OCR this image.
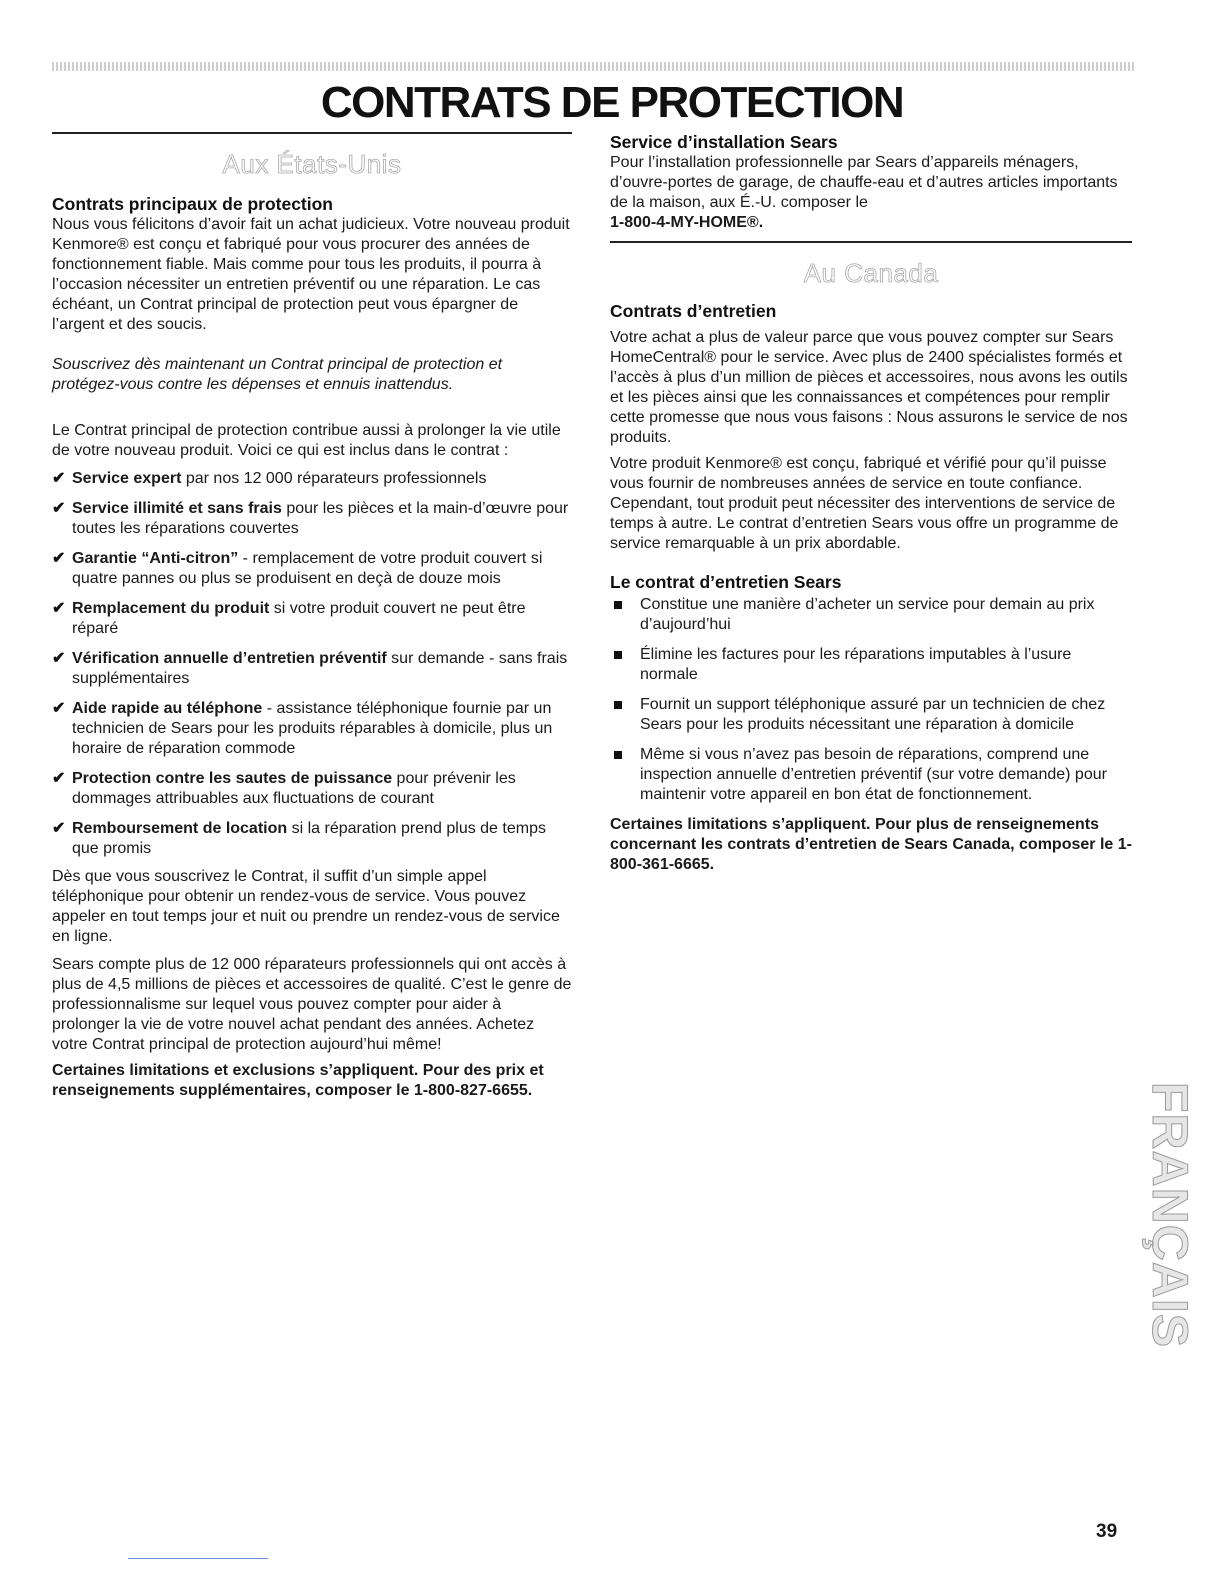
CONTRATS DE PROTECTION

Aux États-Unis

Contrats principaux de protection

Nous vous félicitons d’avoir fait un achat judicieux. Votre nouveau produit Kenmore® est conçu et fabriqué pour vous procurer des années de fonctionnement fiable. Mais comme pour tous les produits, il pourra à l’occasion nécessiter un entretien préventif ou une réparation. Le cas échéant, un Contrat principal de protection peut vous épargner de l’argent et des soucis.

Souscrivez dès maintenant un Contrat principal de protection et protégez-vous contre les dépenses et ennuis inattendus.

Le Contrat principal de protection contribue aussi à prolonger la vie utile de votre nouveau produit. Voici ce qui est inclus dans le contrat :

✔ Service expert par nos 12 000 réparateurs professionnels
✔ Service illimité et sans frais pour les pièces et la main-d’œuvre pour toutes les réparations couvertes
✔ Garantie “Anti-citron” - remplacement de votre produit couvert si quatre pannes ou plus se produisent en deçà de douze mois
✔ Remplacement du produit si votre produit couvert ne peut être réparé
✔ Vérification annuelle d’entretien préventif sur demande - sans frais supplémentaires
✔ Aide rapide au téléphone - assistance téléphonique fournie par un technicien de Sears pour les produits réparables à domicile, plus un horaire de réparation commode
✔ Protection contre les sautes de puissance pour prévenir les dommages attribuables aux fluctuations de courant
✔ Remboursement de location si la réparation prend plus de temps que promis

Dès que vous souscrivez le Contrat, il suffit d’un simple appel téléphonique pour obtenir un rendez-vous de service. Vous pouvez appeler en tout temps jour et nuit ou prendre un rendez-vous de service en ligne.

Sears compte plus de 12 000 réparateurs professionnels qui ont accès à plus de 4,5 millions de pièces et accessoires de qualité. C’est le genre de professionnalisme sur lequel vous pouvez compter pour aider à prolonger la vie de votre nouvel achat pendant des années. Achetez votre Contrat principal de protection aujourd’hui même!

Certaines limitations et exclusions s’appliquent. Pour des prix et renseignements supplémentaires, composer le 1-800-827-6655.

Service d’installation Sears

Pour l’installation professionnelle par Sears d’appareils ménagers, d’ouvre-portes de garage, de chauffe-eau et d’autres articles importants de la maison, aux É.-U. composer le

1-800-4-MY-HOME®.

Au Canada

Contrats d’entretien

Votre achat a plus de valeur parce que vous pouvez compter sur Sears HomeCentral® pour le service. Avec plus de 2400 spécialistes formés et l’accès à plus d’un million de pièces et accessoires, nous avons les outils et les pièces ainsi que les connaissances et compétences pour remplir cette promesse que nous vous faisons : Nous assurons le service de nos produits.

Votre produit Kenmore® est conçu, fabriqué et vérifié pour qu’il puisse vous fournir de nombreuses années de service en toute confiance. Cependant, tout produit peut nécessiter des interventions de service de temps à autre. Le contrat d’entretien Sears vous offre un programme de service remarquable à un prix abordable.

Le contrat d’entretien Sears
Constitue une manière d’acheter un service pour demain au prix d’aujourd’hui
Élimine les factures pour les réparations imputables à l’usure normale
Fournit un support téléphonique assuré par un technicien de chez Sears pour les produits nécessitant une réparation à domicile
Même si vous n’avez pas besoin de réparations, comprend une inspection annuelle d’entretien préventif (sur votre demande) pour maintenir votre appareil en bon état de fonctionnement.

Certaines limitations s’appliquent. Pour plus de renseignements concernant les contrats d’entretien de Sears Canada, composer le 1-800-361-6665.

FRANÇAIS

39
